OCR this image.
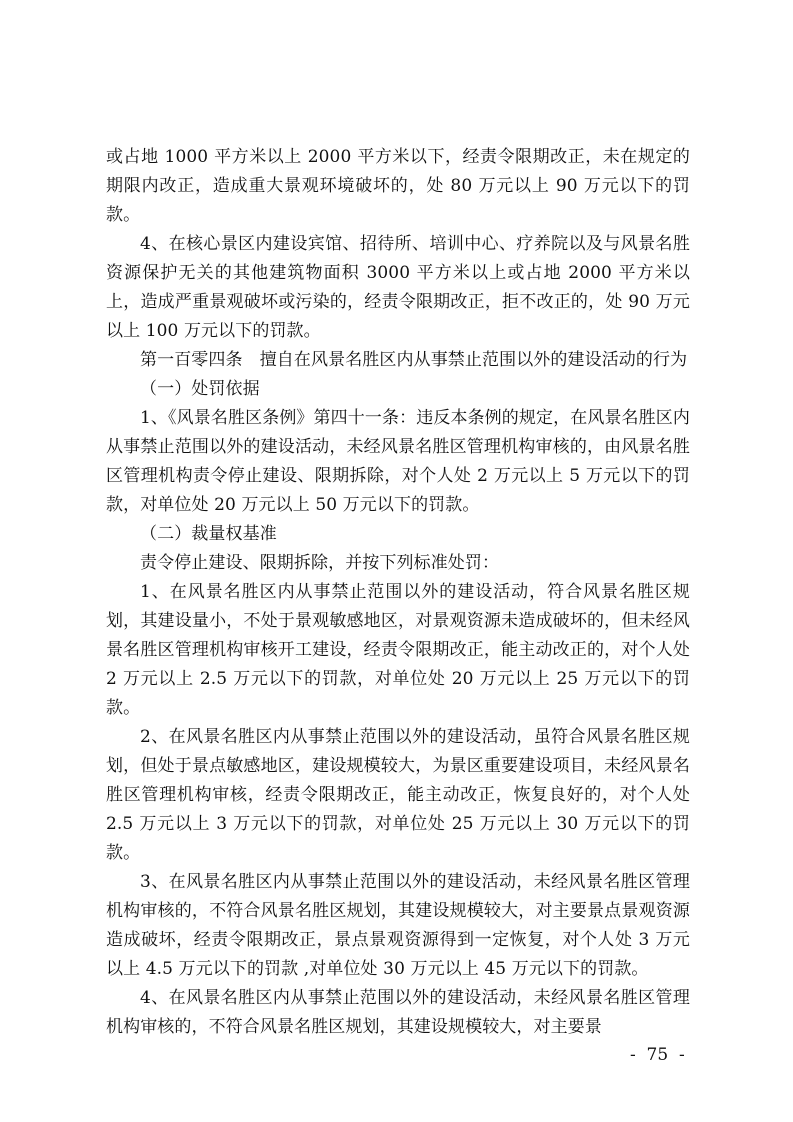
或占地 1000 平方米以上 2000 平方米以下，经责令限期改正，未在规定的期限内改正，造成重大景观环境破坏的，处 80 万元以上 90 万元以下的罚款。

4、在核心景区内建设宾馆、招待所、培训中心、疗养院以及与风景名胜资源保护无关的其他建筑物面积 3000 平方米以上或占地 2000 平方米以上，造成严重景观破坏或污染的，经责令限期改正，拒不改正的，处 90 万元以上 100 万元以下的罚款。

第一百零四条　擅自在风景名胜区内从事禁止范围以外的建设活动的行为

（一）处罚依据

1、《风景名胜区条例》第四十一条：违反本条例的规定，在风景名胜区内从事禁止范围以外的建设活动，未经风景名胜区管理机构审核的，由风景名胜区管理机构责令停止建设、限期拆除，对个人处 2 万元以上 5 万元以下的罚款，对单位处 20 万元以上 50 万元以下的罚款。

（二）裁量权基准

责令停止建设、限期拆除，并按下列标准处罚：

1、在风景名胜区内从事禁止范围以外的建设活动，符合风景名胜区规划，其建设量小，不处于景观敏感地区，对景观资源未造成破坏的，但未经风景名胜区管理机构审核开工建设，经责令限期改正，能主动改正的，对个人处 2 万元以上 2.5 万元以下的罚款，对单位处 20 万元以上 25 万元以下的罚款。

2、在风景名胜区内从事禁止范围以外的建设活动，虽符合风景名胜区规划，但处于景点敏感地区，建设规模较大，为景区重要建设项目，未经风景名胜区管理机构审核，经责令限期改正，能主动改正，恢复良好的，对个人处 2.5 万元以上 3 万元以下的罚款，对单位处 25 万元以上 30 万元以下的罚款。

3、在风景名胜区内从事禁止范围以外的建设活动，未经风景名胜区管理机构审核的，不符合风景名胜区规划，其建设规模较大，对主要景点景观资源造成破坏，经责令限期改正，景点景观资源得到一定恢复，对个人处 3 万元以上 4.5 万元以下的罚款 ,对单位处 30 万元以上 45 万元以下的罚款。

4、在风景名胜区内从事禁止范围以外的建设活动，未经风景名胜区管理机构审核的，不符合风景名胜区规划，其建设规模较大，对主要景

-  75  -
